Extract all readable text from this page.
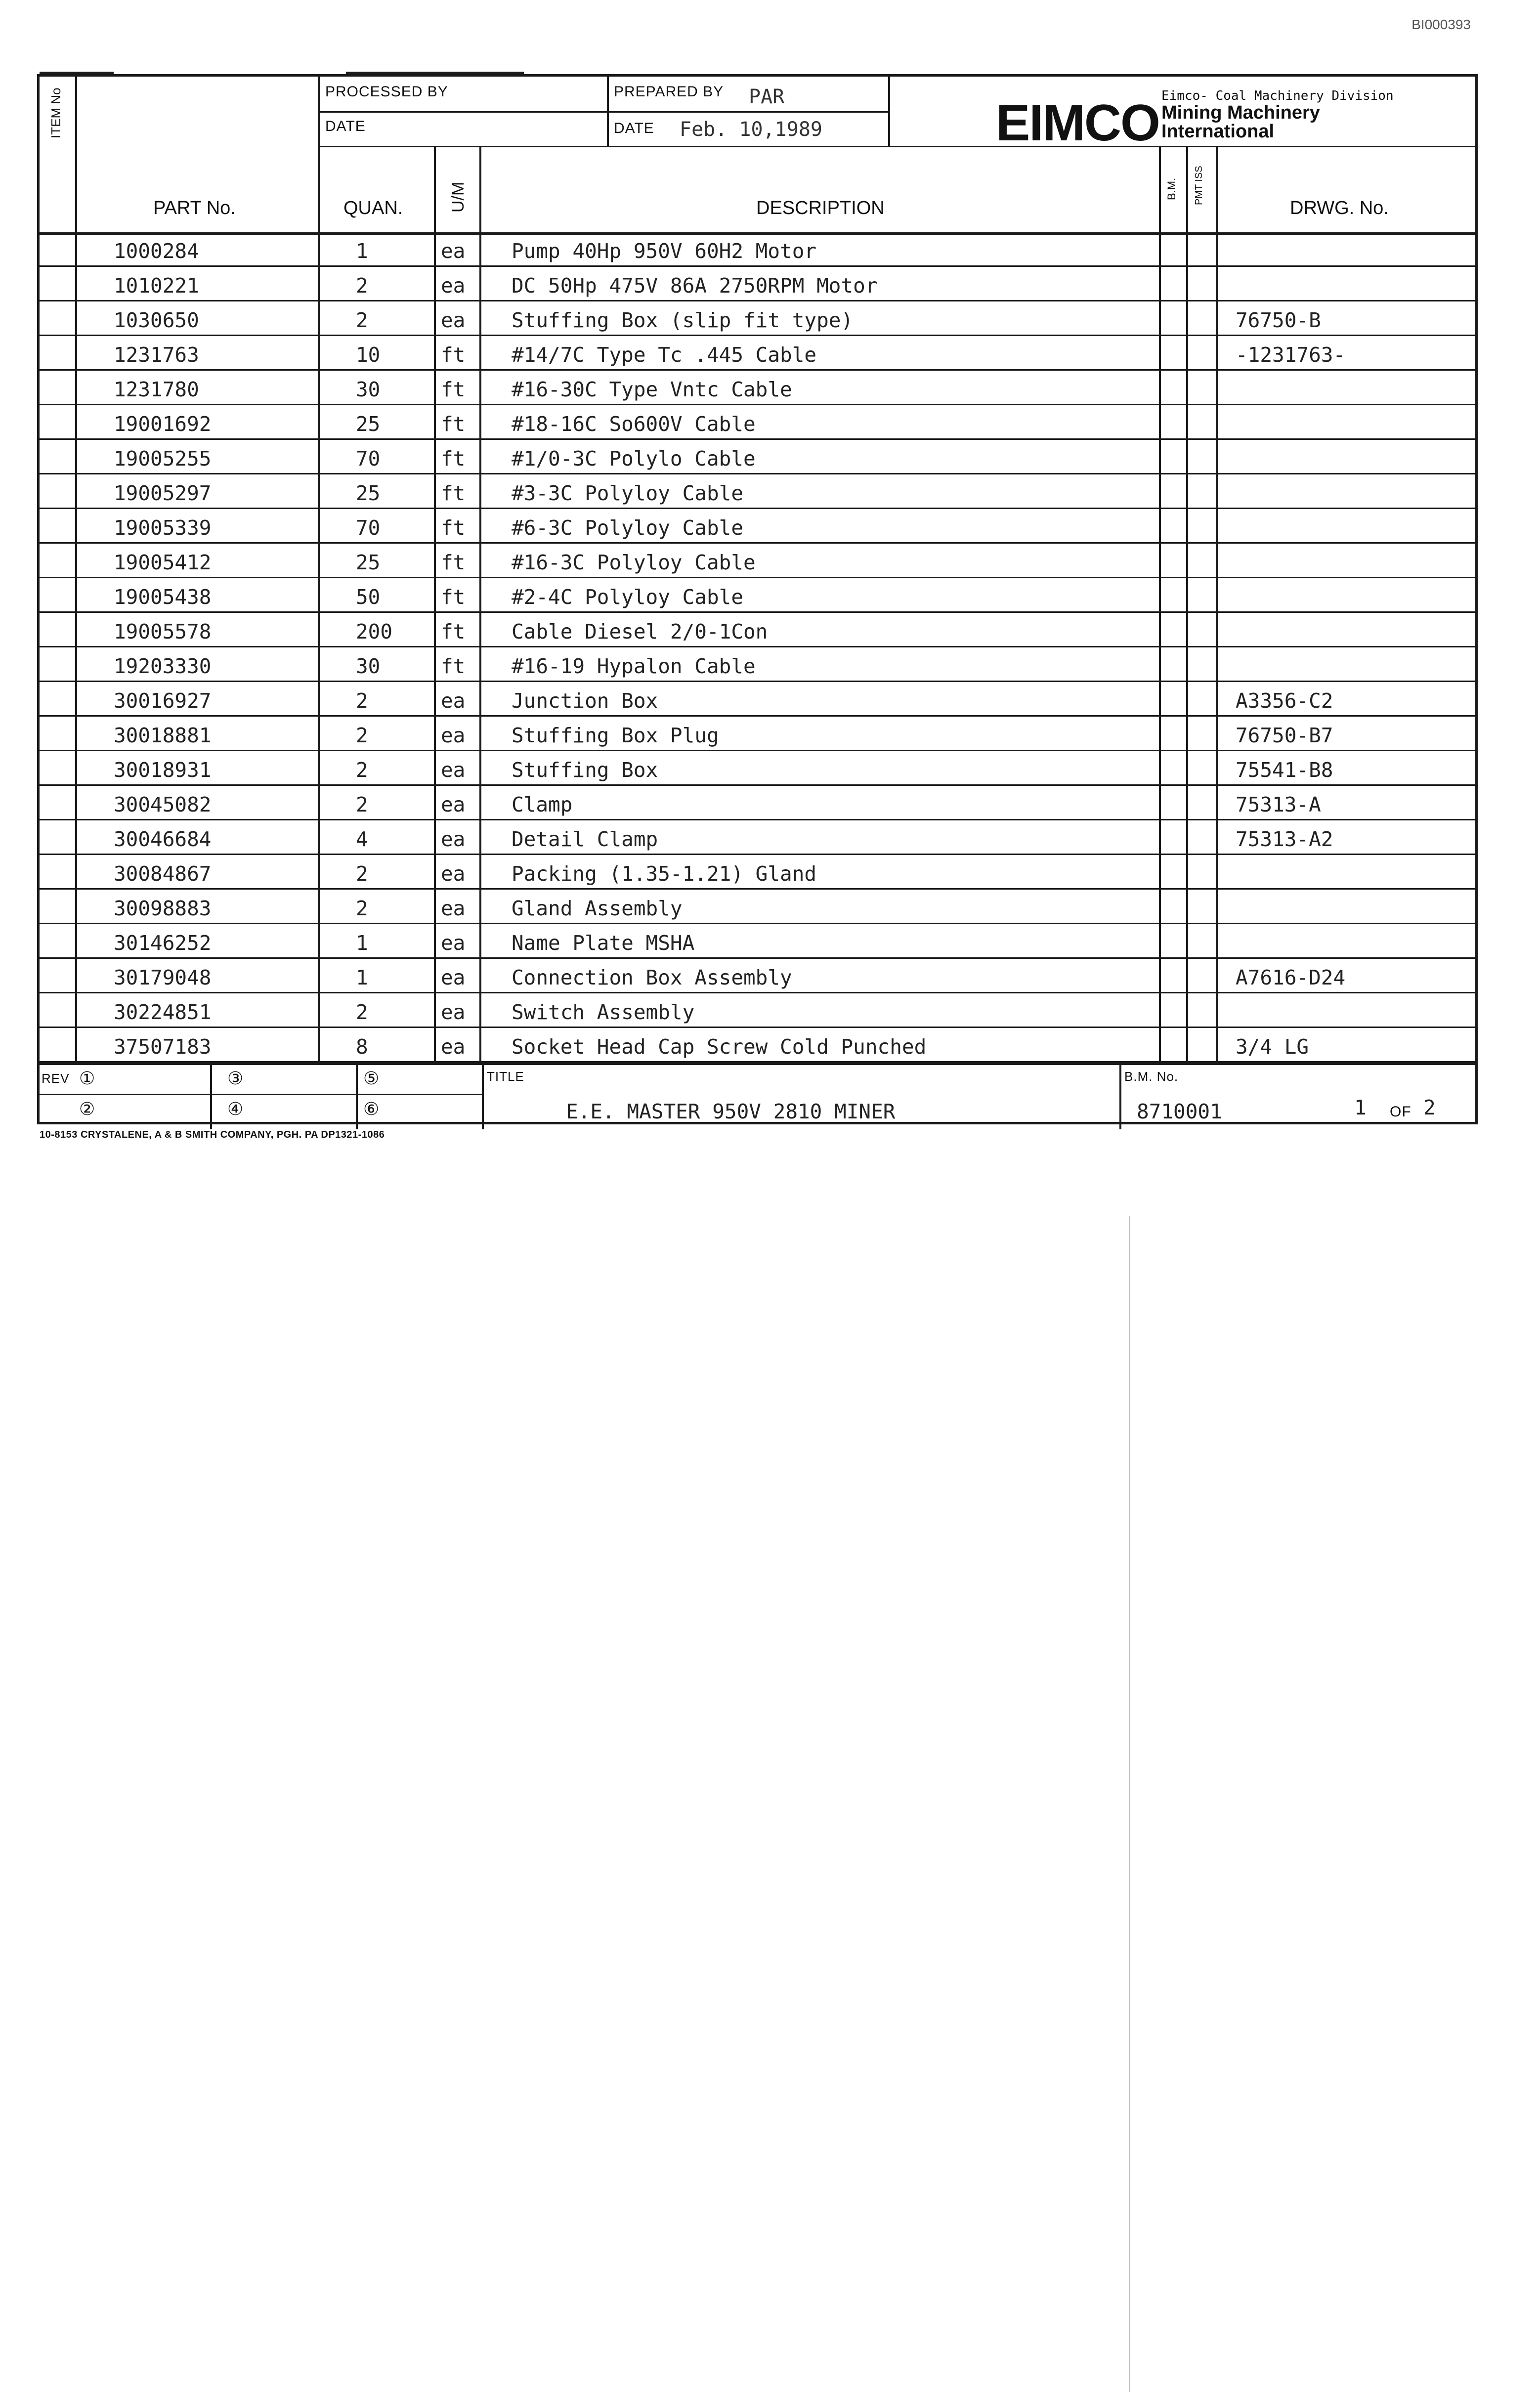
BI000393
PROCESSED BY
DATE
PREPARED BY PAR
DATE Feb. 10,1989	EIMCO Eimco- Coal Machinery Division
Mining Machinery
International
ITEM No
PART No.	QUAN.	U/M	DESCRIPTION
B.M. PMT ISS
DRWG. No.
1000284	1	ea Pump 40Hp 950V 60H2 Motor
1010221	2	ea DC 50Hp 475V 86A 2750RPM Motor
1030650	2	ea Stuffing Box (slip fit type)	76750-B
1231763	10	ft #14/7C Type Tc .445 Cable	-1231763-
1231780	30	ft #16-30C Type Vntc Cable
19001692	25	ft #18-16C So600V Cable
19005255	70	ft #1/0-3C Polylo Cable
19005297	25	ft #3-3C Polyloy Cable
19005339	70	ft #6-3C Polyloy Cable
19005412	25	ft #16-3C Polyloy Cable
19005438	50	ft #2-4C Polyloy Cable
19005578	200 ft Cable Diesel 2/0-1Con
19203330	30	ft #16-19 Hypalon Cable
30016927	2	ea Junction Box	A3356-C2
30018881	2	ea Stuffing Box Plug	76750-B7
30018931	2	ea Stuffing Box	75541-B8
30045082	2	ea Clamp	75313-A
30046684	4	ea Detail Clamp	75313-A2
30084867	2	ea Packing (1.35-1.21) Gland
30098883	2	ea Gland Assembly
30146252	1	ea Name Plate MSHA
30179048	1	ea Connection Box Assembly	A7616-D24
30224851	2	ea Switch Assembly
37507183	8	ea Socket Head Cap Screw Cold Punched	3/4 LG
REV ①
②
③
④
⑤
⑥
TITLE
E.E. MASTER 950V 2810 MINER
B.M. No.
8710001	1 OF 2
10-8153 CRYSTALENE, A & B SMITH COMPANY, PGH. PA DP1321-1086
